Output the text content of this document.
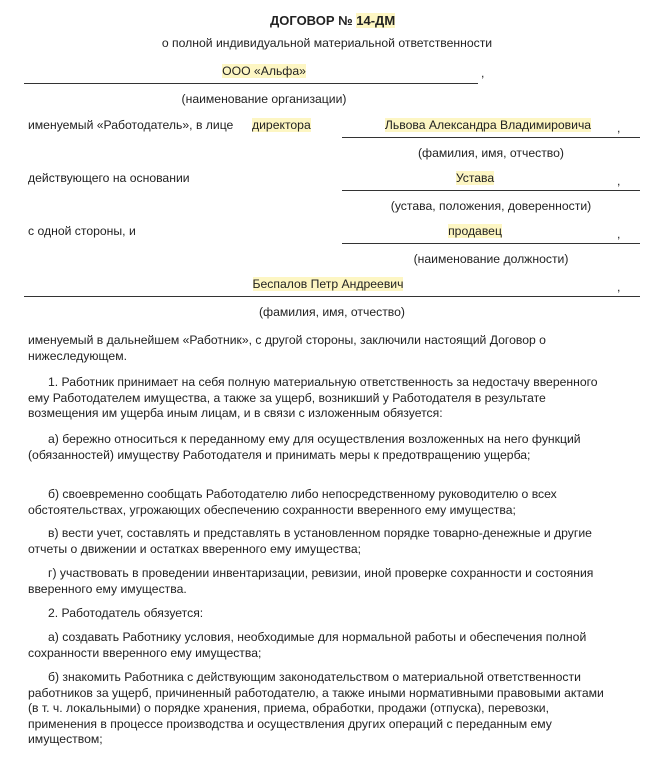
ДОГОВОР № 14-ДМ
о полной индивидуальной материальной ответственности
ООО «Альфа»	,
(наименование организации)
именуемый «Работодатель», в лице директора	Львова Александра Владимировича	,
(фамилия, имя, отчество)
действующего на основании	Устава	,
(устава, положения, доверенности)
с одной стороны, и	продавец	,
(наименование должности)
Беспалов Петр Андреевич	,
(фамилия, имя, отчество)
именуемый в дальнейшем «Работник», с другой стороны, заключили настоящий Договор о нижеследующем.
1. Работник принимает на себя полную материальную ответственность за недостачу вверенного ему Работодателем имущества, а также за ущерб, возникший у Работодателя в результате возмещения им ущерба иным лицам, и в связи с изложенным обязуется:
а) бережно относиться к переданному ему для осуществления возложенных на него функций (обязанностей) имуществу Работодателя и принимать меры к предотвращению ущерба;
б) своевременно сообщать Работодателю либо непосредственному руководителю о всех обстоятельствах, угрожающих обеспечению сохранности вверенного ему имущества;
в) вести учет, составлять и представлять в установленном порядке товарно-денежные и другие отчеты о движении и остатках вверенного ему имущества;
г) участвовать в проведении инвентаризации, ревизии, иной проверке сохранности и состояния вверенного ему имущества.
2. Работодатель обязуется:
а) создавать Работнику условия, необходимые для нормальной работы и обеспечения полной сохранности вверенного ему имущества;
б) знакомить Работника с действующим законодательством о материальной ответственности работников за ущерб, причиненный работодателю, а также иными нормативными правовыми актами (в т. ч. локальными) о порядке хранения, приема, обработки, продажи (отпуска), перевозки, применения в процессе производства и осуществления других операций с переданным ему имуществом;
